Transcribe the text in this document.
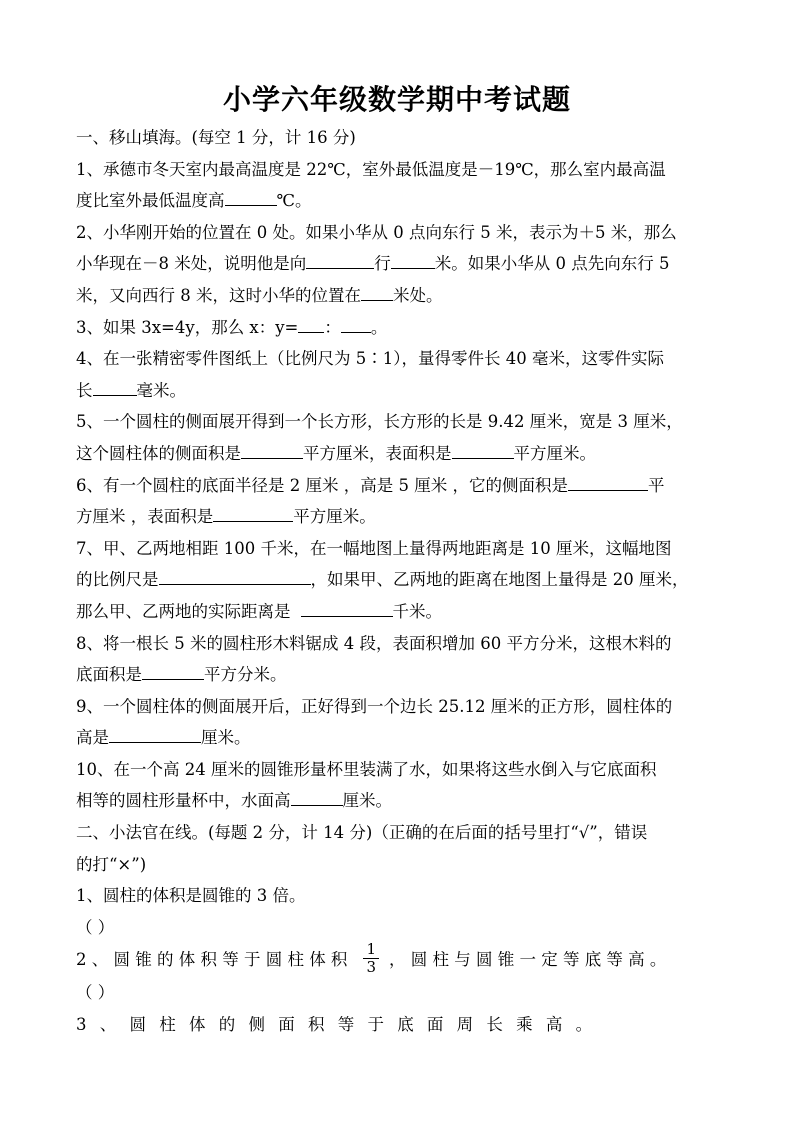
小学六年级数学期中考试题
一、移山填海。(每空 1 分，计 16 分)
1、承德市冬天室内最高温度是 22℃，室外最低温度是－19℃，那么室内最高温
度比室外最低温度高	℃。
2、小华刚开始的位置在 0 处。如果小华从 0 点向东行 5 米，表示为＋5 米，那么
小华现在－8 米处，说明他是向	行	米。如果小华从 0 点先向东行 5
米，又向西行 8 米，这时小华的位置在 米处。
3、如果 3x=4y，那么 x：y= ： 。
4、在一张精密零件图纸上（比例尺为 5∶1），量得零件长 40 毫米，这零件实际
长	毫米。
5、一个圆柱的侧面展开得到一个长方形，长方形的长是 9.42 厘米，宽是 3 厘米，
这个圆柱体的侧面积是	平方厘米，表面积是	平方厘米。
6、有一个圆柱的底面半径是 2 厘米 ，高是 5 厘米 ，它的侧面积是	平
方厘米 ，表面积是	平方厘米。
7、甲、乙两地相距 100 千米，在一幅地图上量得两地距离是 10 厘米，这幅地图
的比例尺是	，如果甲、乙两地的距离在地图上量得是 20 厘米，
那么甲、乙两地的实际距离是	千米。
8、将一根长 5 米的圆柱形木料锯成 4 段，表面积增加 60 平方分米，这根木料的
底面积是	平方分米。
9、一个圆柱体的侧面展开后，正好得到一个边长 25.12 厘米的正方形，圆柱体的
高是	厘米。
10、在一个高 24 厘米的圆锥形量杯里装满了水，如果将这些水倒入与它底面积
相等的圆柱形量杯中，水面高	厘米。
二、小法官在线。(每题 2 分，计 14 分)（正确的在后面的括号里打“√”，错误
的打“×”)
1、圆柱的体积是圆锥的 3 倍。
（ ）
2 、 圆 锥 的 体 积 等 于 圆 柱 体 积 $\frac{1}{3}$ ， 圆 柱 与 圆 锥 一 定 等 底 等 高 。
（ ）
3 、 圆 柱 体 的 侧 面 积 等 于 底 面 周 长 乘 高 。
